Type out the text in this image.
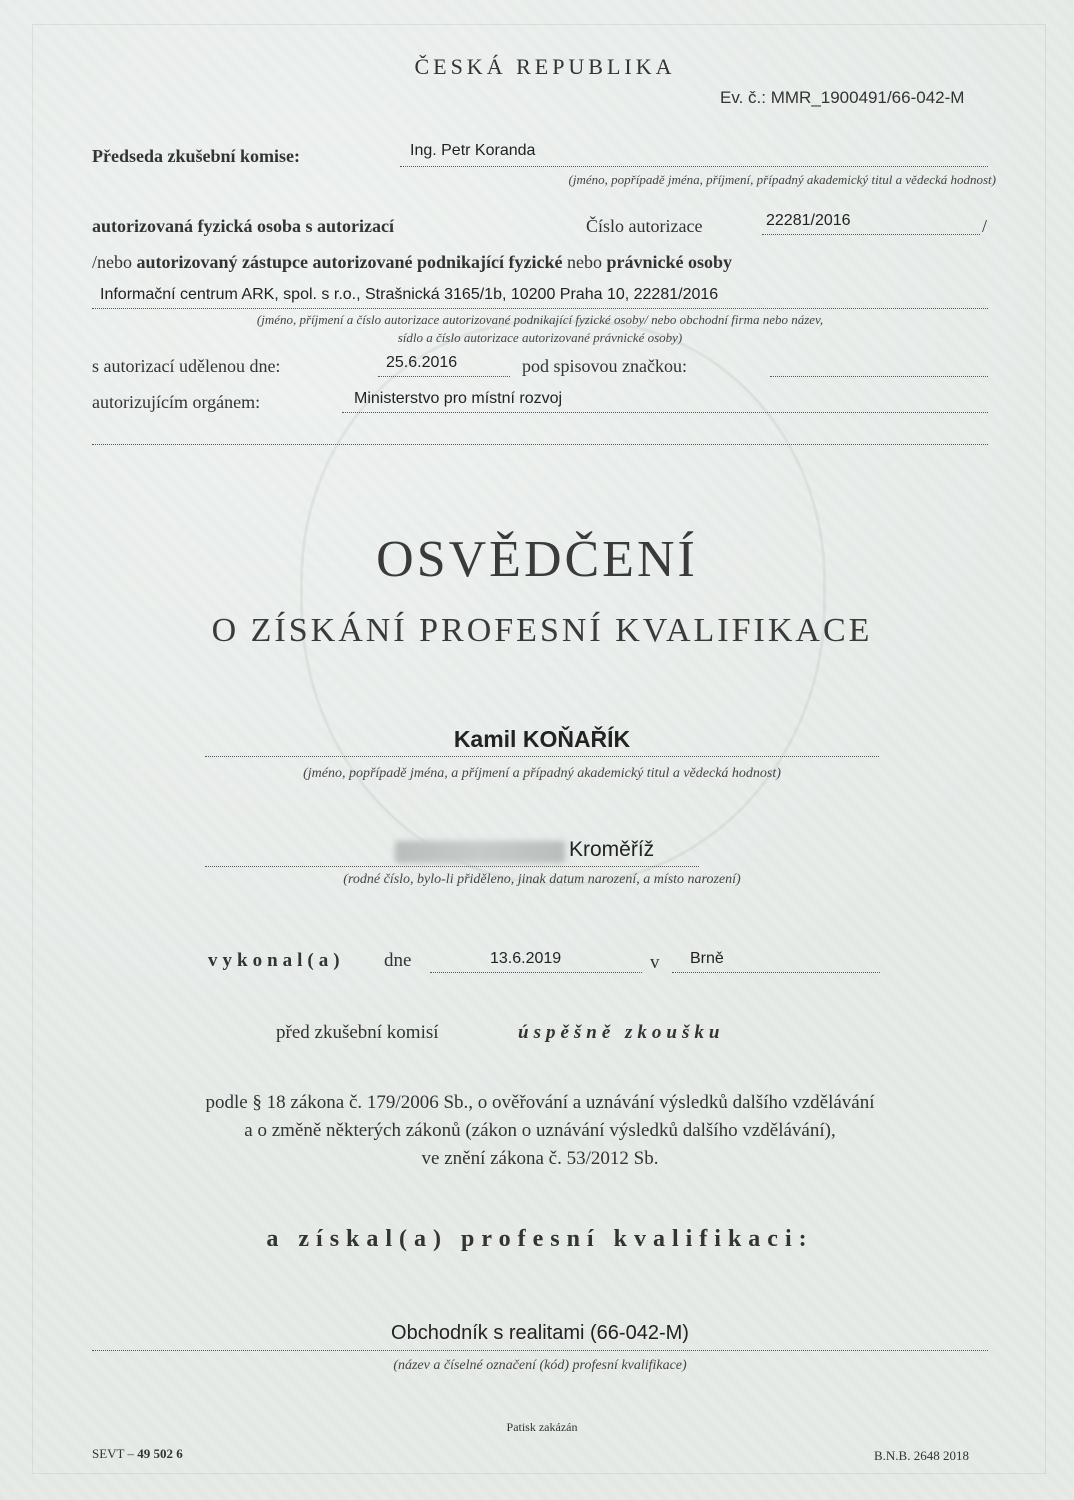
ČESKÁ REPUBLIKA
Ev. č.: MMR_1900491/66-042-M
Předseda zkušební komise:	Ing. Petr Koranda
(jméno, popřípadě jména, příjmení, případný akademický titul a vědecká hodnost)
autorizovaná fyzická osoba s autorizací	Číslo autorizace	22281/2016	/
/nebo autorizovaný zástupce autorizované podnikající fyzické nebo právnické osoby
Informační centrum ARK, spol. s r.o., Strašnická 3165/1b, 10200 Praha 10, 22281/2016
(jméno, příjmení a číslo autorizace autorizované podnikající fyzické osoby/ nebo obchodní firma nebo název,
sídlo a číslo autorizace autorizované právnické osoby)
s autorizací udělenou dne:	25.6.2016	pod spisovou značkou:
autorizujícím orgánem:	Ministerstvo pro místní rozvoj
OSVĚDČENÍ
O ZÍSKÁNÍ PROFESNÍ KVALIFIKACE
Kamil KOŇAŘÍK
(jméno, popřípadě jména, a příjmení a případný akademický titul a vědecká hodnost)
Kroměříž
(rodné číslo, bylo-li přiděleno, jinak datum narození, a místo narození)
vykonal(a) dne	13.6.2019	v	Brně
před zkušební komisí	úspěšně zkoušku
podle § 18 zákona č. 179/2006 Sb., o ověřování a uznávání výsledků dalšího vzdělávání
a o změně některých zákonů (zákon o uznávání výsledků dalšího vzdělávání),
ve znění zákona č. 53/2012 Sb.
a získal(a) profesní kvalifikaci:
Obchodník s realitami (66-042-M)
(název a číselné označení (kód) profesní kvalifikace)
Patisk zakázán
SEVT – 49 502 6	B.N.B. 2648 2018
